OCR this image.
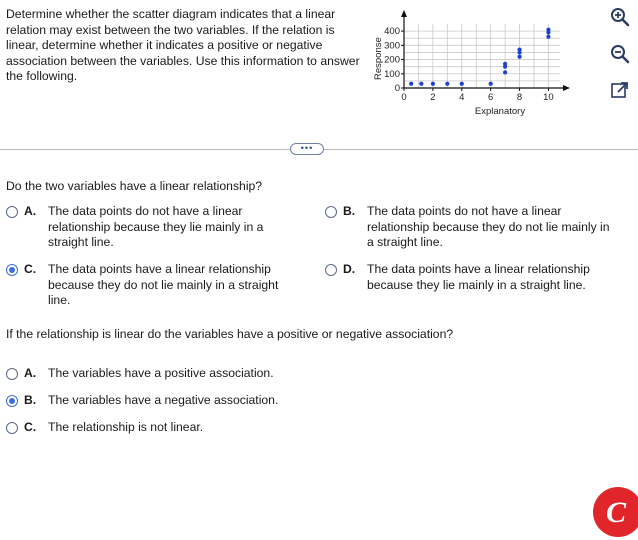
Determine whether the scatter diagram indicates that a linear relation may exist between the two variables. If the relation is linear, determine whether it indicates a positive or negative association between the variables. Use this information to answer the following.
0 2 4 6 8 10
0
100
200
300
400
Response
Explanatory
•••
Do the two variables have a linear relationship?
A. The data points do not have a linear
relationship because they lie mainly in a
straight line.
B. The data points do not have a linear
relationship because they do not lie mainly in
a straight line.
C. The data points have a linear relationship
because they do not lie mainly in a straight
line.
D. The data points have a linear relationship
because they lie mainly in a straight line.
If the relationship is linear do the variables have a positive or negative association?
A. The variables have a positive association.
B. The variables have a negative association.
C. The relationship is not linear.
C
